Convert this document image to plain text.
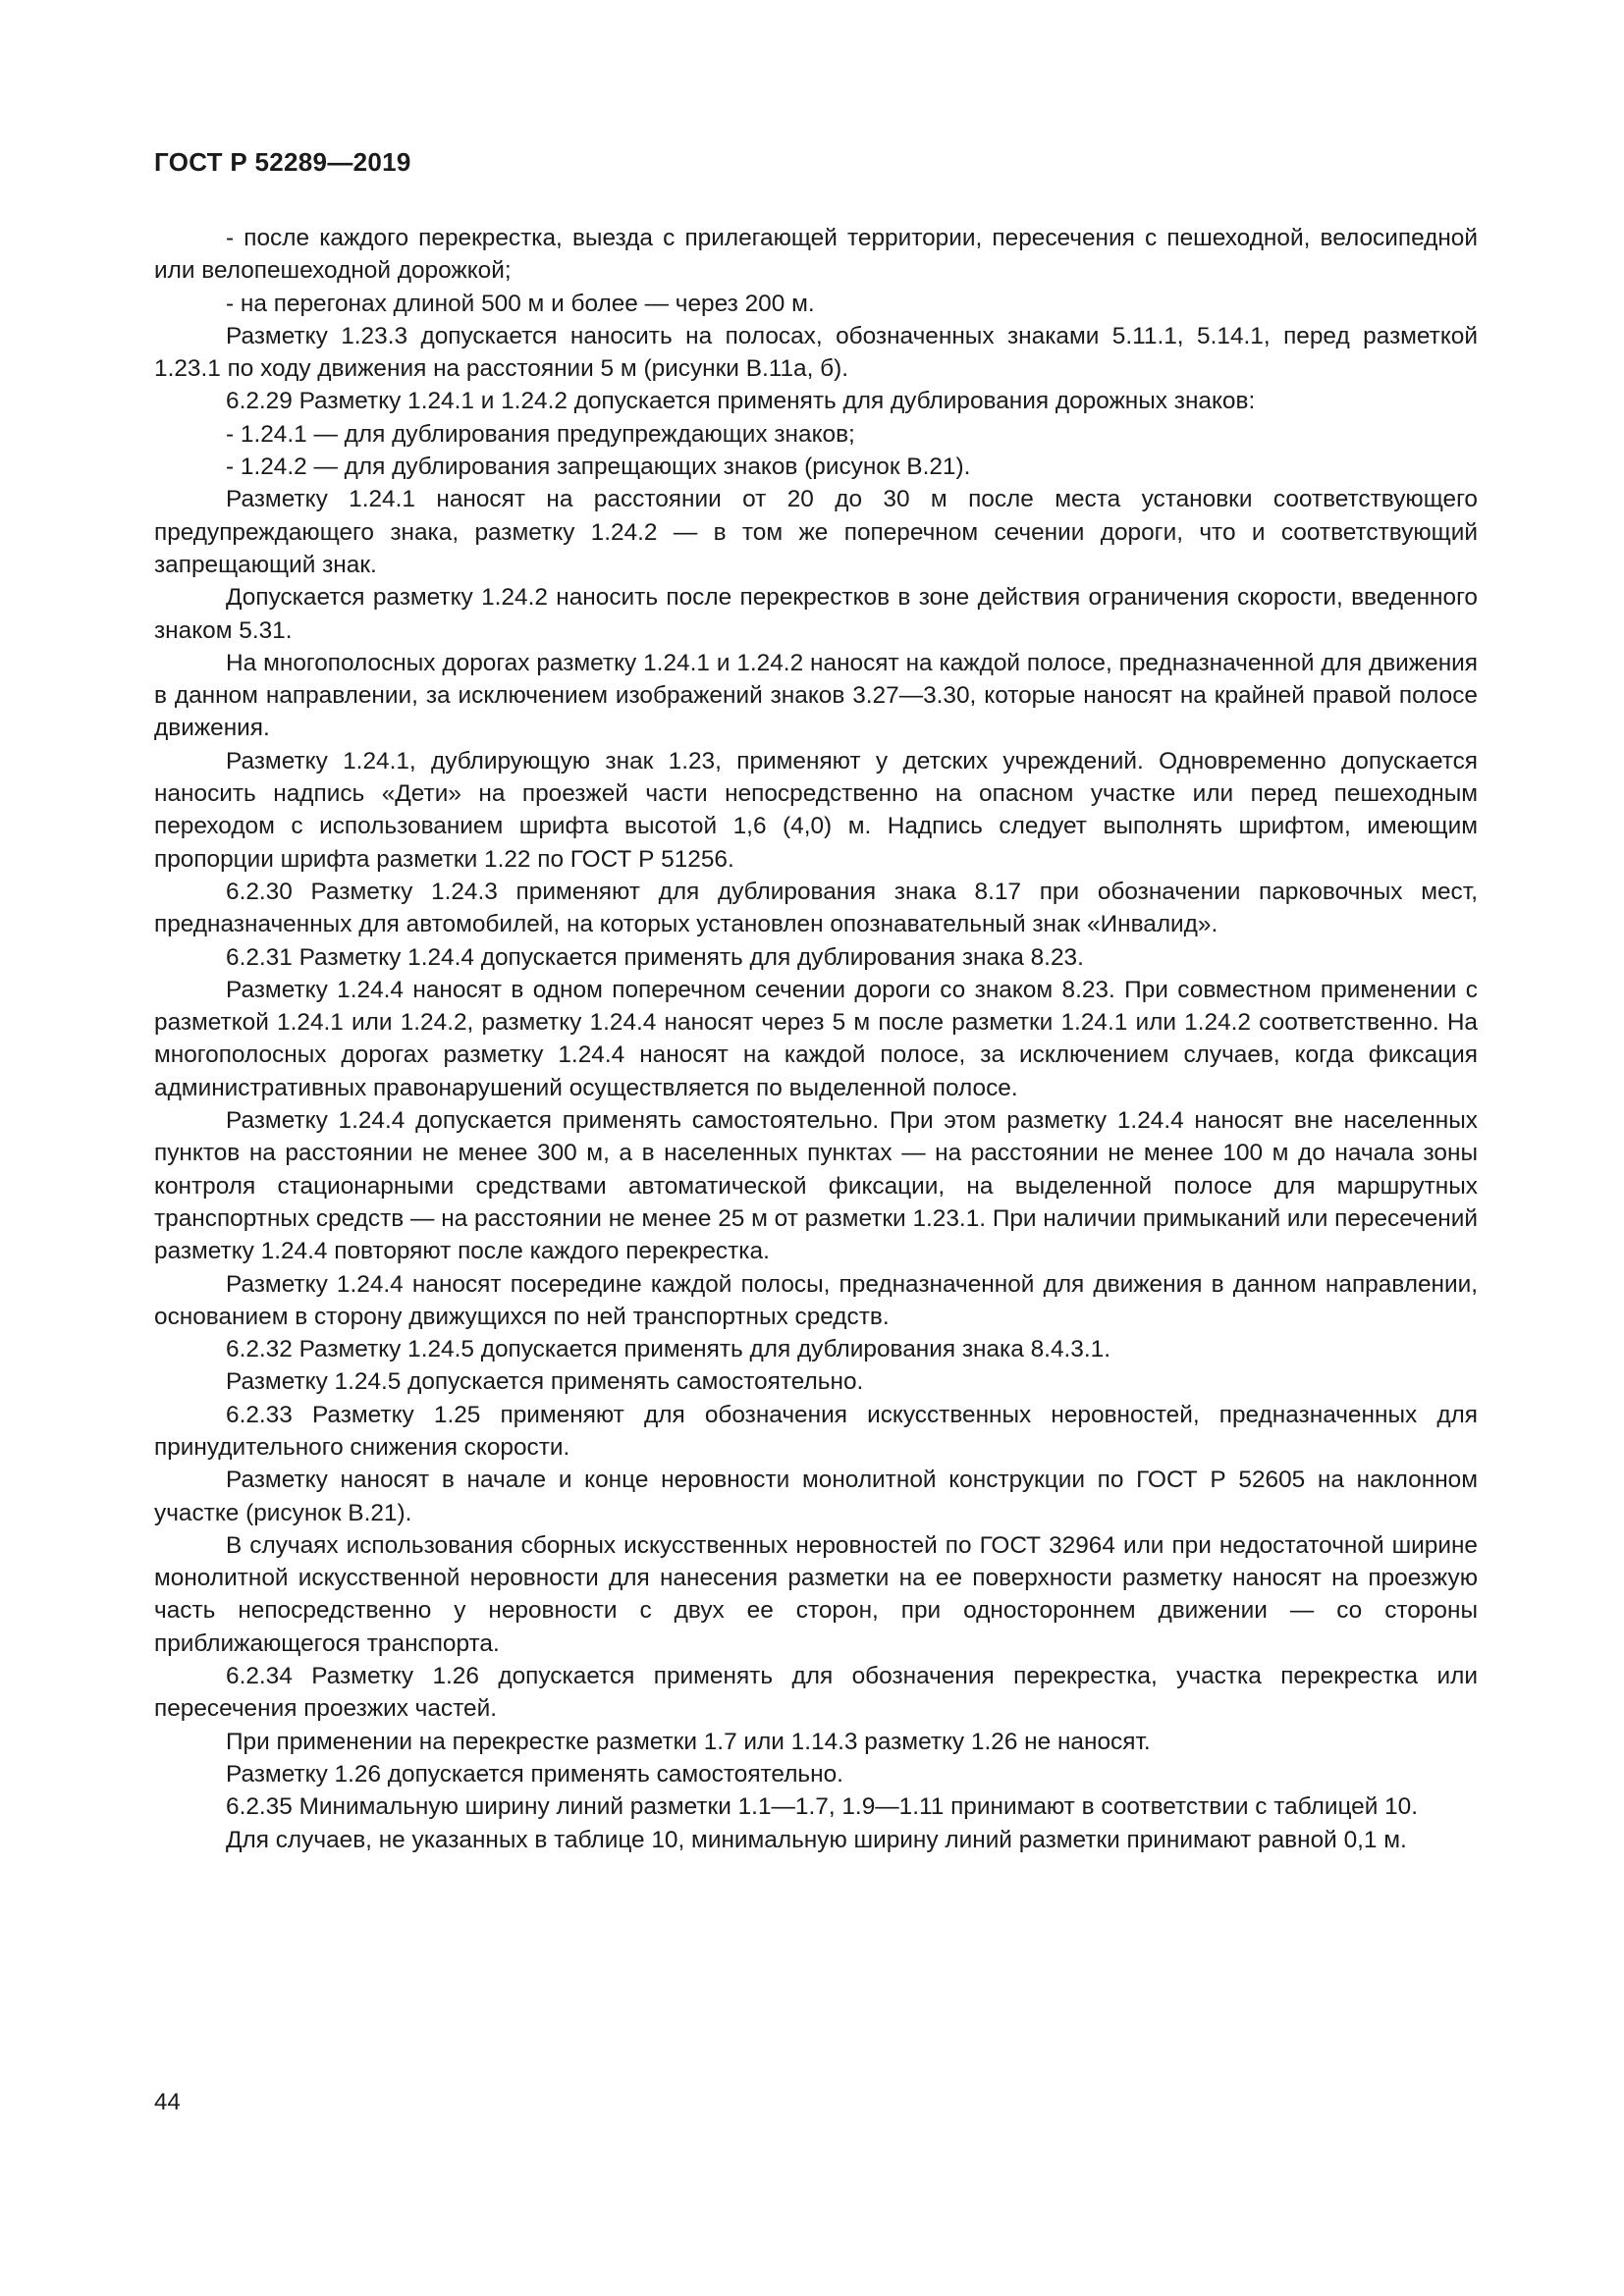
ГОСТ Р 52289—2019

- после каждого перекрестка, выезда с прилегающей территории, пересечения с пешеходной, велосипедной или велопешеходной дорожкой;

- на перегонах длиной 500 м и более — через 200 м.

Разметку 1.23.3 допускается наносить на полосах, обозначенных знаками 5.11.1, 5.14.1, перед разметкой 1.23.1 по ходу движения на расстоянии 5 м (рисунки В.11а, б).

6.2.29 Разметку 1.24.1 и 1.24.2 допускается применять для дублирования дорожных знаков:

- 1.24.1 — для дублирования предупреждающих знаков;

- 1.24.2 — для дублирования запрещающих знаков (рисунок В.21).

Разметку 1.24.1 наносят на расстоянии от 20 до 30 м после места установки соответствующего предупреждающего знака, разметку 1.24.2 — в том же поперечном сечении дороги, что и соответствующий запрещающий знак.

Допускается разметку 1.24.2 наносить после перекрестков в зоне действия ограничения скорости, введенного знаком 5.31.

На многополосных дорогах разметку 1.24.1 и 1.24.2 наносят на каждой полосе, предназначенной для движения в данном направлении, за исключением изображений знаков 3.27—3.30, которые наносят на крайней правой полосе движения.

Разметку 1.24.1, дублирующую знак 1.23, применяют у детских учреждений. Одновременно допускается наносить надпись «Дети» на проезжей части непосредственно на опасном участке или перед пешеходным переходом с использованием шрифта высотой 1,6 (4,0) м. Надпись следует выполнять шрифтом, имеющим пропорции шрифта разметки 1.22 по ГОСТ Р 51256.

6.2.30 Разметку 1.24.3 применяют для дублирования знака 8.17 при обозначении парковочных мест, предназначенных для автомобилей, на которых установлен опознавательный знак «Инвалид».

6.2.31 Разметку 1.24.4 допускается применять для дублирования знака 8.23.

Разметку 1.24.4 наносят в одном поперечном сечении дороги со знаком 8.23. При совместном применении с разметкой 1.24.1 или 1.24.2, разметку 1.24.4 наносят через 5 м после разметки 1.24.1 или 1.24.2 соответственно. На многополосных дорогах разметку 1.24.4 наносят на каждой полосе, за исключением случаев, когда фиксация административных правонарушений осуществляется по выделенной полосе.

Разметку 1.24.4 допускается применять самостоятельно. При этом разметку 1.24.4 наносят вне населенных пунктов на расстоянии не менее 300 м, а в населенных пунктах — на расстоянии не менее 100 м до начала зоны контроля стационарными средствами автоматической фиксации, на выделенной полосе для маршрутных транспортных средств — на расстоянии не менее 25 м от разметки 1.23.1. При наличии примыканий или пересечений разметку 1.24.4 повторяют после каждого перекрестка.

Разметку 1.24.4 наносят посередине каждой полосы, предназначенной для движения в данном направлении, основанием в сторону движущихся по ней транспортных средств.

6.2.32 Разметку 1.24.5 допускается применять для дублирования знака 8.4.3.1.

Разметку 1.24.5 допускается применять самостоятельно.

6.2.33 Разметку 1.25 применяют для обозначения искусственных неровностей, предназначенных для принудительного снижения скорости.

Разметку наносят в начале и конце неровности монолитной конструкции по ГОСТ Р 52605 на наклонном участке (рисунок В.21).

В случаях использования сборных искусственных неровностей по ГОСТ 32964 или при недостаточной ширине монолитной искусственной неровности для нанесения разметки на ее поверхности разметку наносят на проезжую часть непосредственно у неровности с двух ее сторон, при одностороннем движении — со стороны приближающегося транспорта.

6.2.34 Разметку 1.26 допускается применять для обозначения перекрестка, участка перекрестка или пересечения проезжих частей.

При применении на перекрестке разметки 1.7 или 1.14.3 разметку 1.26 не наносят.

Разметку 1.26 допускается применять самостоятельно.

6.2.35 Минимальную ширину линий разметки 1.1—1.7, 1.9—1.11 принимают в соответствии с таблицей 10.

Для случаев, не указанных в таблице 10, минимальную ширину линий разметки принимают равной 0,1 м.

44
